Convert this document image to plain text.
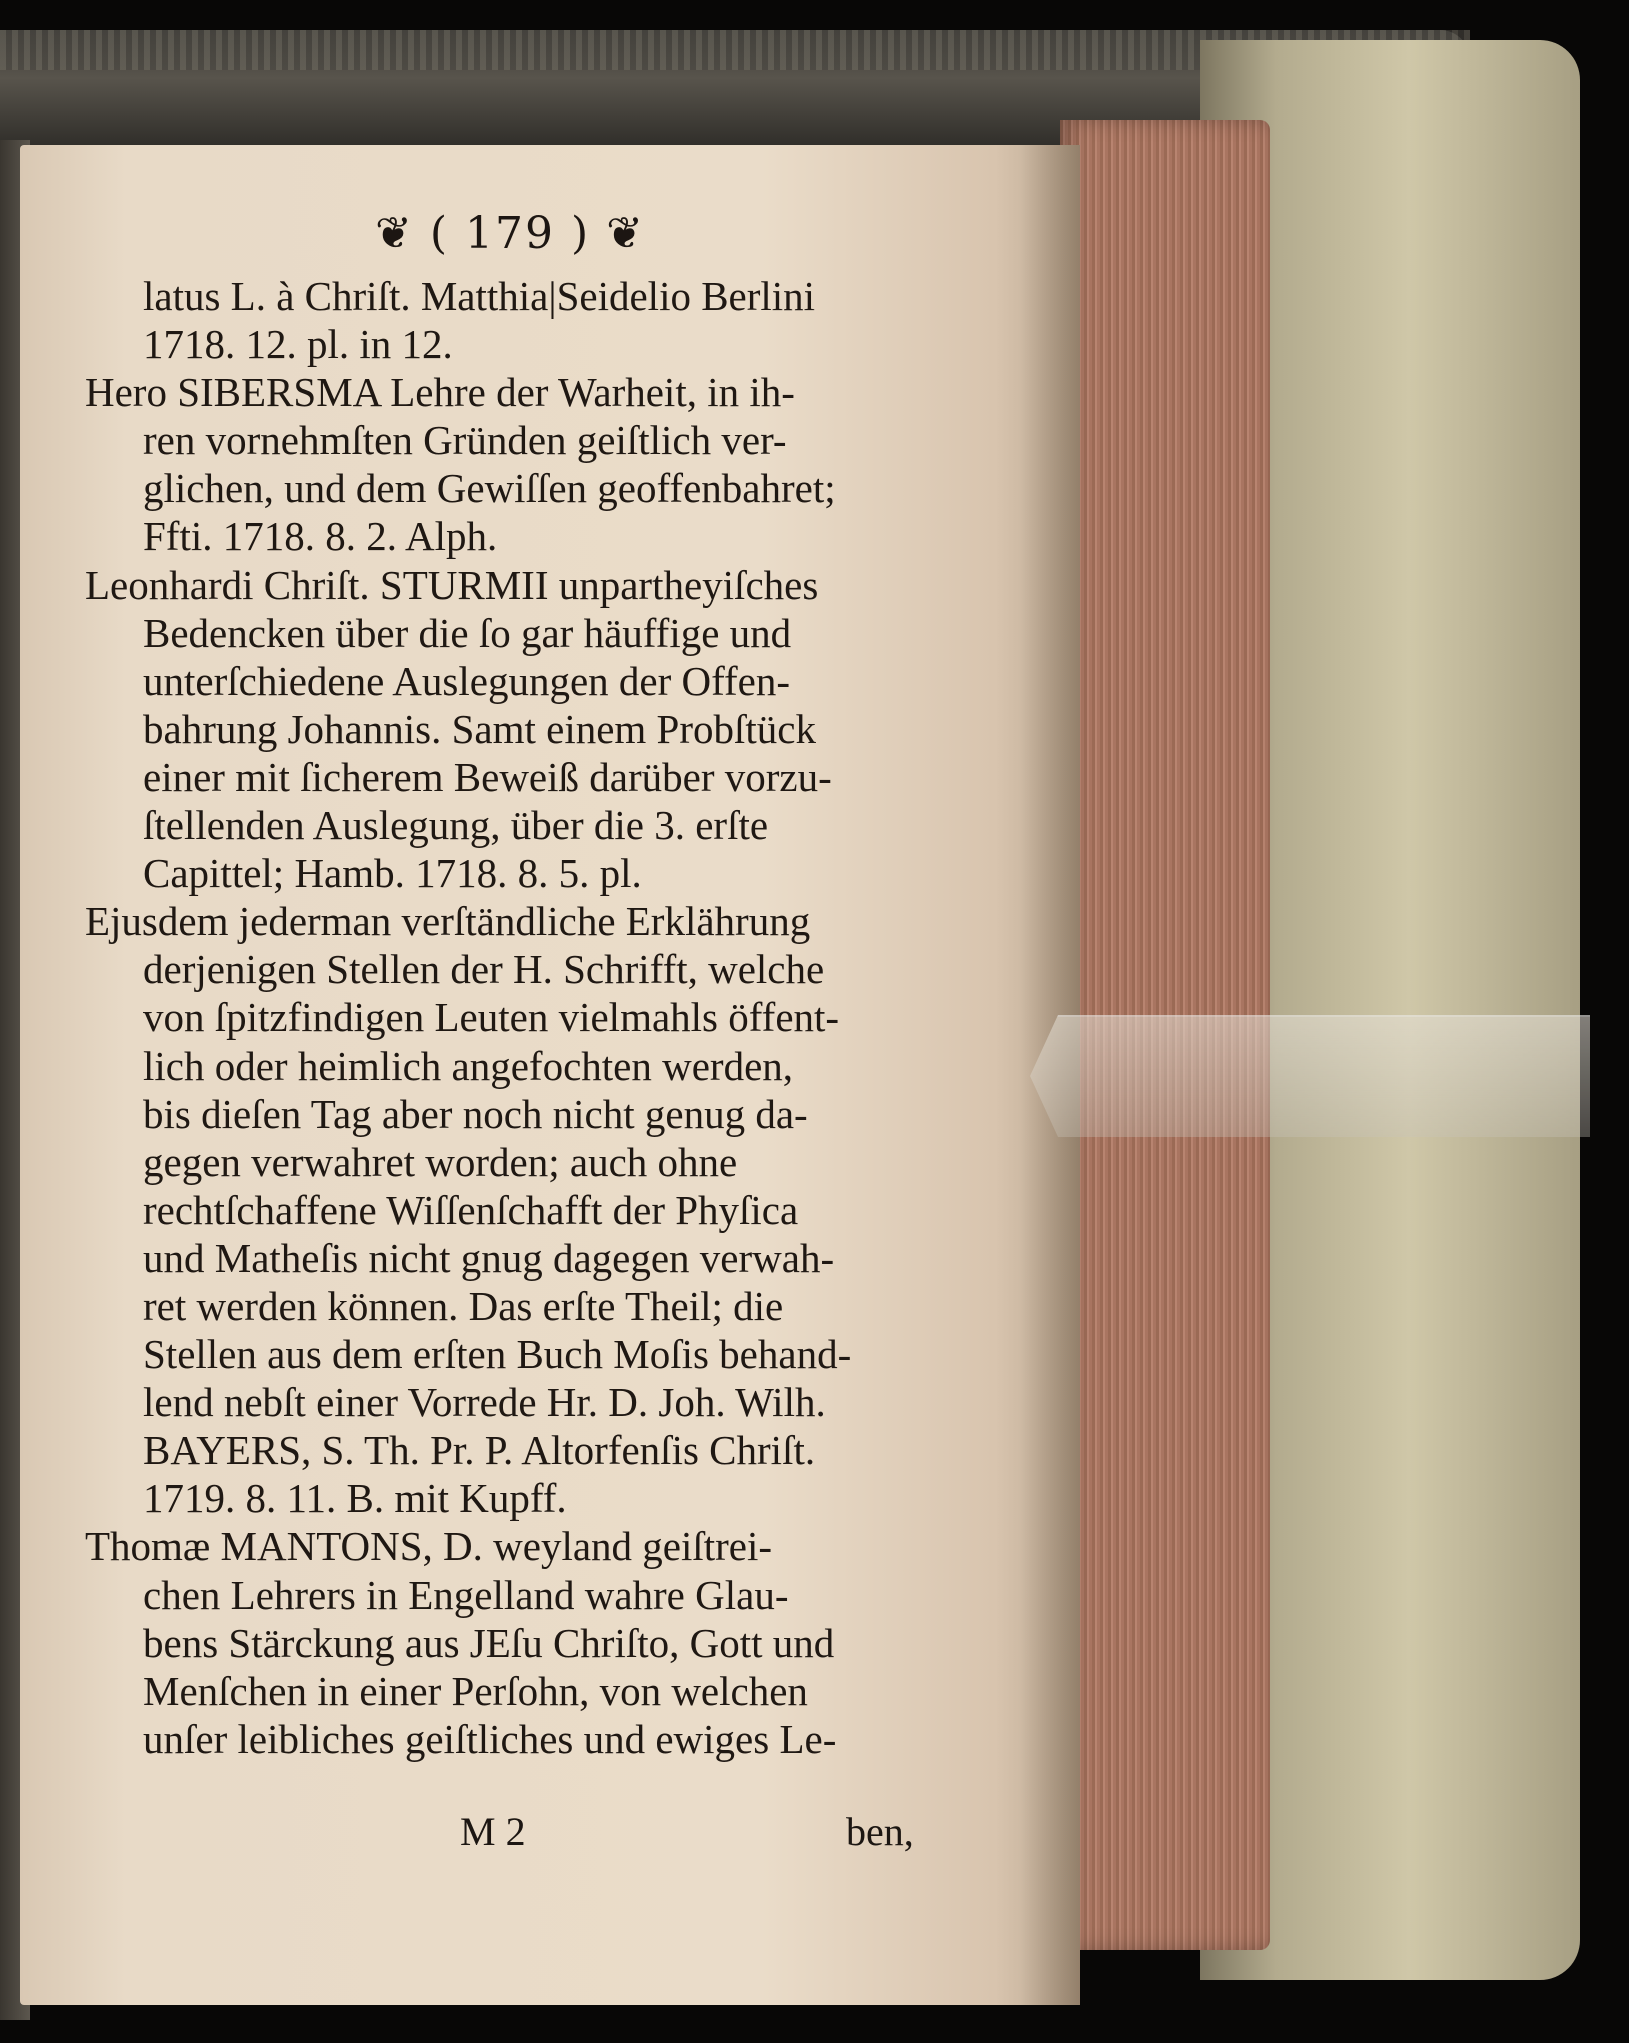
❦ ( 179 ) ❦
latus L. à Chriſt. Matthia|Seidelio Berlini
1718. 12. pl. in 12.
Hero SIBERSMA Lehre der Warheit, in ih-
ren vornehmſten Gründen geiſtlich ver-
glichen, und dem Gewiſſen geoffenbahret;
Ffti. 1718. 8. 2. Alph.
Leonhardi Chriſt. STURMII unpartheyiſches
Bedencken über die ſo gar häuffige und
unterſchiedene Auslegungen der Offen-
bahrung Johannis. Samt einem Probſtück
einer mit ſicherem Beweiß darüber vorzu-
ſtellenden Auslegung, über die 3. erſte
Capittel; Hamb. 1718. 8. 5. pl.
Ejusdem jederman verſtändliche Erklährung
derjenigen Stellen der H. Schrifft, welche
von ſpitzfindigen Leuten vielmahls öffent-
lich oder heimlich angefochten werden,
bis dieſen Tag aber noch nicht genug da-
gegen verwahret worden; auch ohne
rechtſchaffene Wiſſenſchafft der Phyſica
und Matheſis nicht gnug dagegen verwah-
ret werden können. Das erſte Theil; die
Stellen aus dem erſten Buch Moſis behand-
lend nebſt einer Vorrede Hr. D. Joh. Wilh.
BAYERS, S. Th. Pr. P. Altorfenſis Chriſt.
1719. 8. 11. B. mit Kupff.
Thomæ MANTONS, D. weyland geiſtrei-
chen Lehrers in Engelland wahre Glau-
bens Stärckung aus JEſu Chriſto, Gott und
Menſchen in einer Perſohn, von welchen
unſer leibliches geiſtliches und ewiges Le-
M 2	ben,
